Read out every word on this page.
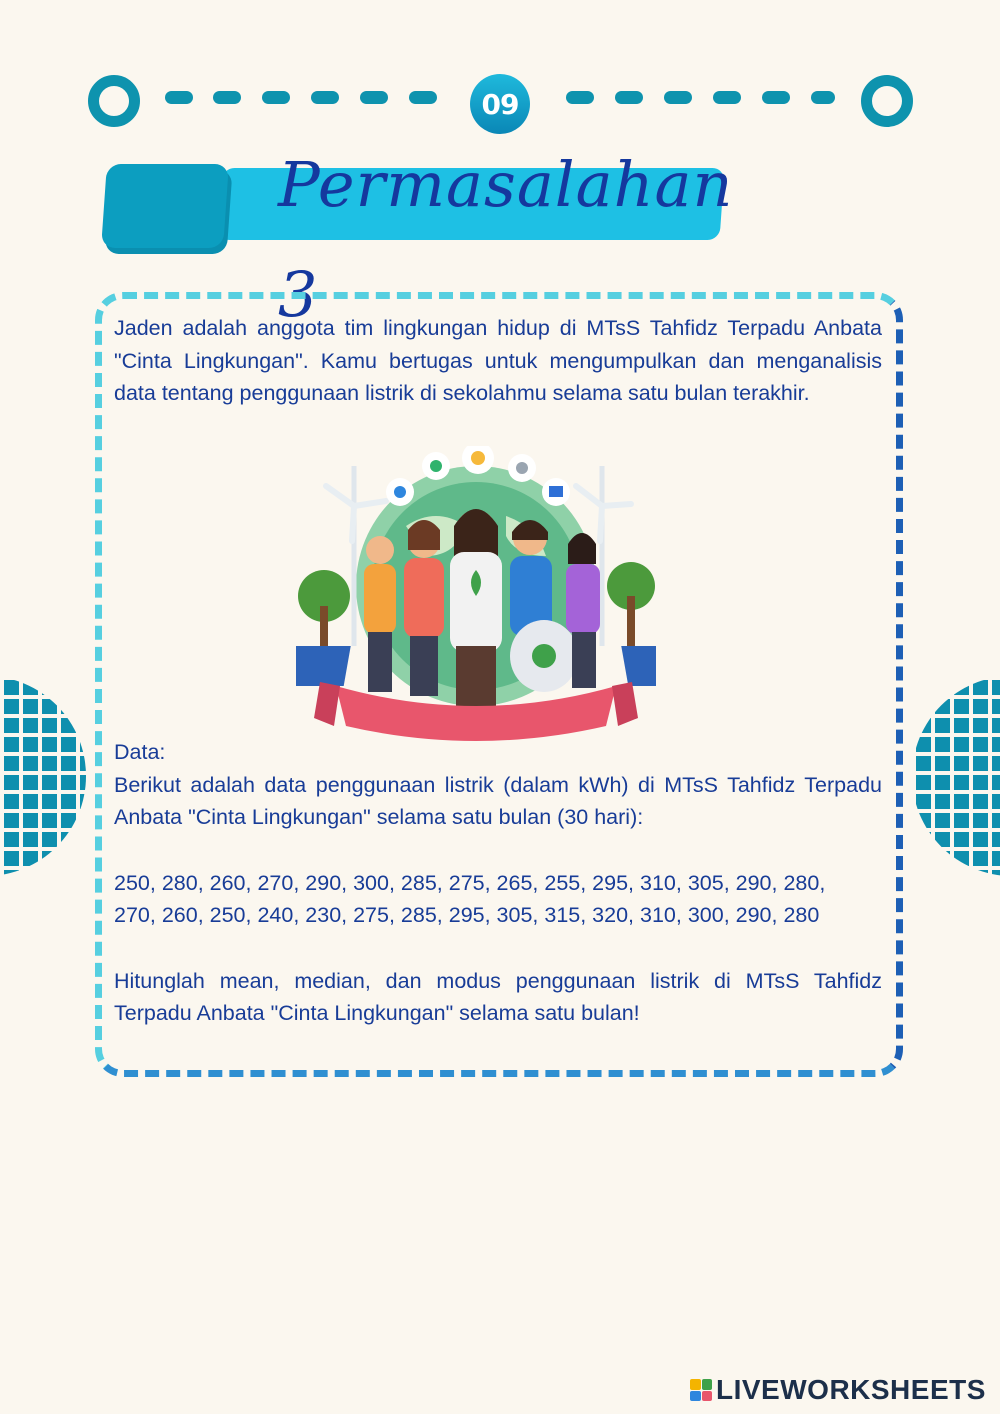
09
Permasalahan 3

Jaden adalah anggota tim lingkungan hidup di MTsS Tahfidz Terpadu Anbata "Cinta Lingkungan". Kamu bertugas untuk mengumpulkan dan menganalisis data tentang penggunaan listrik di sekolahmu selama satu bulan terakhir.

Data:

Berikut adalah data penggunaan listrik (dalam kWh) di MTsS Tahfidz Terpadu Anbata "Cinta Lingkungan" selama satu bulan (30 hari):

250, 280, 260, 270, 290, 300, 285, 275, 265, 255, 295, 310, 305, 290, 280,

270, 260, 250, 240, 230, 275, 285, 295, 305, 315, 320, 310, 300, 290, 280

Hitunglah mean, median, dan modus penggunaan listrik di MTsS Tahfidz Terpadu Anbata "Cinta Lingkungan" selama satu bulan!

LIVEWORKSHEETS
